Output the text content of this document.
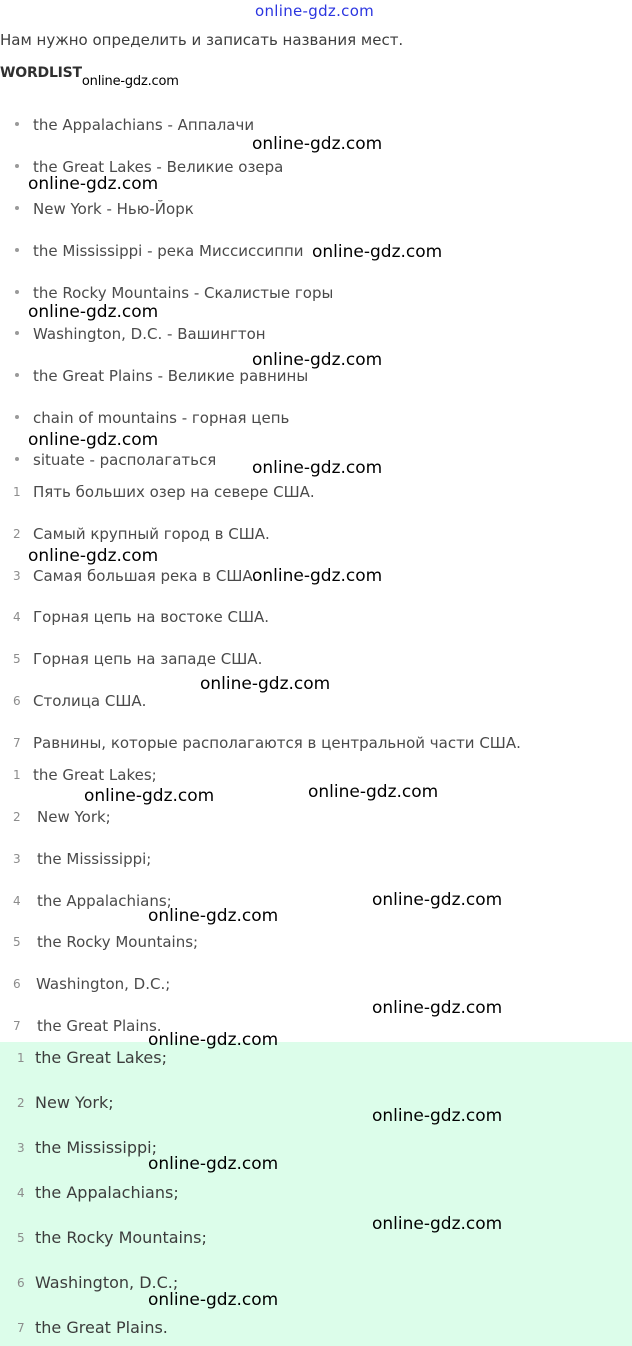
online-gdz.com
Нам нужно определить и записать названия мест.
WORDLISTonline-gdz.com
the Appalachians - Аппалачи
the Great Lakes - Великие озера
New York - Нью-Йорк
the Mississippi - река Миссисcиппи
the Rocky Mountains - Скалистые горы
Washington, D.C. - Вашингтон
the Great Plains - Великие равнины
chain of mountains - горная цепь
situate - располагаться
1 Пять больших озер на севере США.
2 Самый крупный город в США.
3 Самая большая река в США.
4 Горная цепь на востоке США.
5 Горная цепь на западе США.
6 Столица США.
7 Равнины, которые располагаются в центральной части США.
1 the Great Lakes;
2 New York;
3 the Mississippi;
4 the Appalachians;
5 the Rocky Mountains;
6 Washington, D.C.;
7 the Great Plains.
1 the Great Lakes;
2 New York;
3 the Mississippi;
4 the Appalachians;
5 the Rocky Mountains;
6 Washington, D.C.;
7 the Great Plains.
online-gdz.com
online-gdz.com
online-gdz.com
online-gdz.com
online-gdz.com
online-gdz.com
online-gdz.com
online-gdz.com
online-gdz.com
online-gdz.com
online-gdz.com
online-gdz.com
online-gdz.com
online-gdz.com
online-gdz.com
online-gdz.com
online-gdz.com
online-gdz.com
online-gdz.com
online-gdz.com
